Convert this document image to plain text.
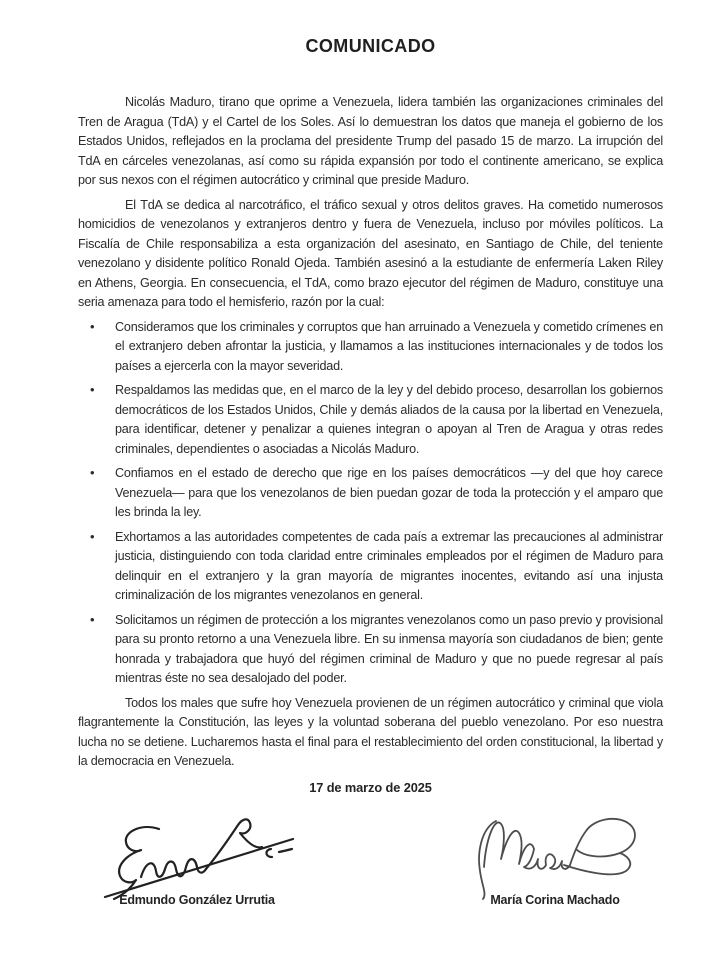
COMUNICADO

Nicolás Maduro, tirano que oprime a Venezuela, lidera también las organizaciones criminales del Tren de Aragua (TdA) y el Cartel de los Soles. Así lo demuestran los datos que maneja el gobierno de los Estados Unidos, reflejados en la proclama del presidente Trump del pasado 15 de marzo. La irrupción del TdA en cárceles venezolanas, así como su rápida expansión por todo el continente americano, se explica por sus nexos con el régimen autocrático y criminal que preside Maduro.

El TdA se dedica al narcotráfico, el tráfico sexual y otros delitos graves. Ha cometido numerosos homicidios de venezolanos y extranjeros dentro y fuera de Venezuela, incluso por móviles políticos. La Fiscalía de Chile responsabiliza a esta organización del asesinato, en Santiago de Chile, del teniente venezolano y disidente político Ronald Ojeda. También asesinó a la estudiante de enfermería Laken Riley en Athens, Georgia. En consecuencia, el TdA, como brazo ejecutor del régimen de Maduro, constituye una seria amenaza para todo el hemisferio, razón por la cual:

• Consideramos que los criminales y corruptos que han arruinado a Venezuela y cometido crímenes en el extranjero deben afrontar la justicia, y llamamos a las instituciones internacionales y de todos los países a ejercerla con la mayor severidad.
• Respaldamos las medidas que, en el marco de la ley y del debido proceso, desarrollan los gobiernos democráticos de los Estados Unidos, Chile y demás aliados de la causa por la libertad en Venezuela, para identificar, detener y penalizar a quienes integran o apoyan al Tren de Aragua y otras redes criminales, dependientes o asociadas a Nicolás Maduro.
• Confiamos en el estado de derecho que rige en los países democráticos —y del que hoy carece Venezuela— para que los venezolanos de bien puedan gozar de toda la protección y el amparo que les brinda la ley.
• Exhortamos a las autoridades competentes de cada país a extremar las precauciones al administrar justicia, distinguiendo con toda claridad entre criminales empleados por el régimen de Maduro para delinquir en el extranjero y la gran mayoría de migrantes inocentes, evitando así una injusta criminalización de los migrantes venezolanos en general.
• Solicitamos un régimen de protección a los migrantes venezolanos como un paso previo y provisional para su pronto retorno a una Venezuela libre. En su inmensa mayoría son ciudadanos de bien; gente honrada y trabajadora que huyó del régimen criminal de Maduro y que no puede regresar al país mientras éste no sea desalojado del poder.

Todos los males que sufre hoy Venezuela provienen de un régimen autocrático y criminal que viola flagrantemente la Constitución, las leyes y la voluntad soberana del pueblo venezolano. Por eso nuestra lucha no se detiene. Lucharemos hasta el final para el restablecimiento del orden constitucional, la libertad y la democracia en Venezuela.

17 de marzo de 2025

Edmundo González Urrutia	María Corina Machado
